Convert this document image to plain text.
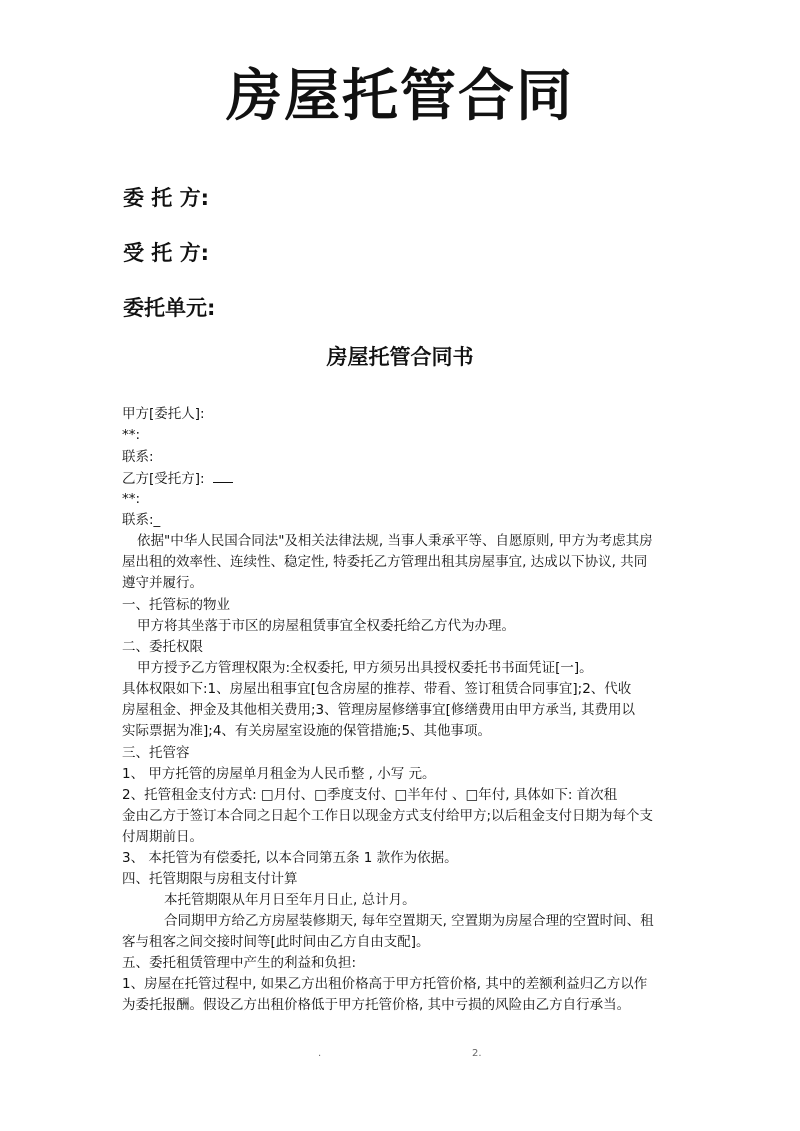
房屋托管合同
委 托 方:
受 托 方:
委托单元:
房屋托管合同书
甲方[委托人]:
**:
联系:
乙方[受托方]:
**:
联系:_
依据"中华人民国合同法"及相关法律法规, 当事人秉承平等、自愿原则, 甲方为考虑其房
屋出租的效率性、连续性、稳定性, 特委托乙方管理出租其房屋事宜, 达成以下协议, 共同
遵守并履行。
一、托管标的物业
甲方将其坐落于市区的房屋租赁事宜全权委托给乙方代为办理。
二、委托权限
甲方授予乙方管理权限为:全权委托, 甲方须另出具授权委托书书面凭证[一]。
具体权限如下:1、房屋出租事宜[包含房屋的推荐、带看、签订租赁合同事宜];2、代收
房屋租金、押金及其他相关费用;3、管理房屋修缮事宜[修缮费用由甲方承当, 其费用以
实际票据为准];4、有关房屋室设施的保管措施;5、其他事项。
三、托管容
1、 甲方托管的房屋单月租金为人民币整 , 小写 元。
2、托管租金支付方式: □月付、□季度支付、□半年付 、□年付, 具体如下: 首次租
金由乙方于签订本合同之日起个工作日以现金方式支付给甲方;以后租金支付日期为每个支
付周期前日。
3、 本托管为有偿委托, 以本合同第五条 1 款作为依据。
四、托管期限与房租支付计算
本托管期限从年月日至年月日止, 总计月。
合同期甲方给乙方房屋装修期天, 每年空置期天, 空置期为房屋合理的空置时间、租
客与租客之间交接时间等[此时间由乙方自由支配]。
五、委托租赁管理中产生的利益和负担:
1、房屋在托管过程中, 如果乙方出租价格高于甲方托管价格, 其中的差额利益归乙方以作
为委托报酬。假设乙方出租价格低于甲方托管价格, 其中亏损的风险由乙方自行承当。
.	2.
